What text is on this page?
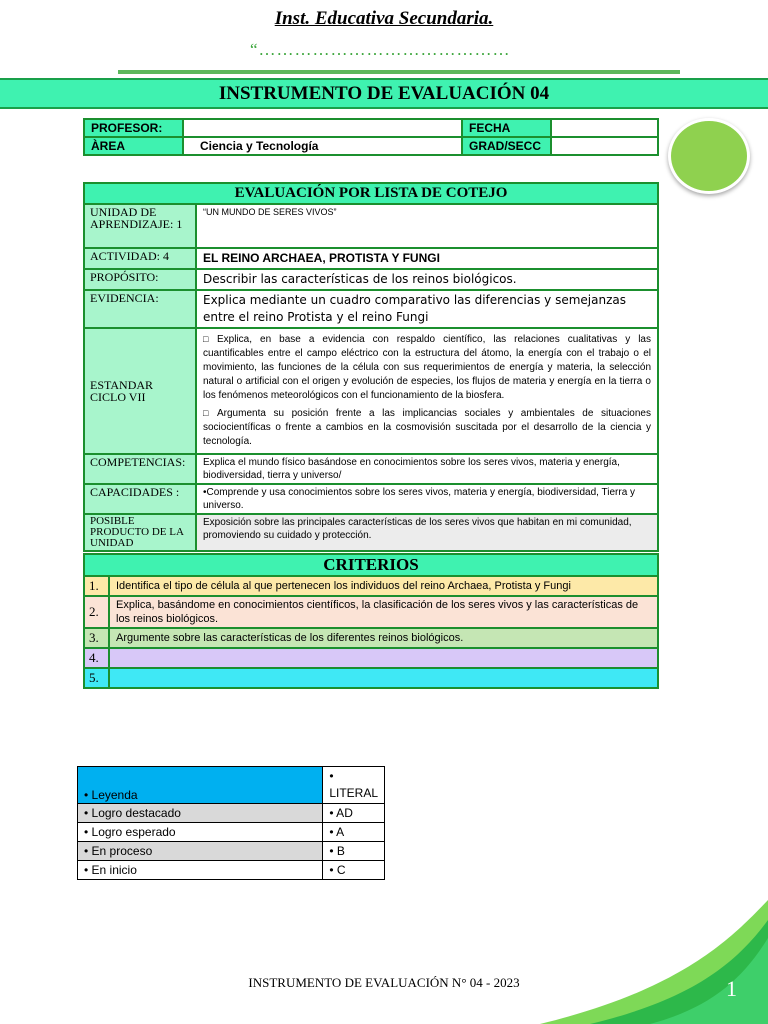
Inst. Educativa Secundaria.
“……………………………………
INSTRUMENTO DE EVALUACIÓN 04
PROFESOR:		FECHA	
ÀREA	Ciencia y Tecnología	GRAD/SECC	
EVALUACIÓN POR LISTA DE COTEJO	
UNIDAD DE APRENDIZAJE: 1	“UN MUNDO DE SERES VIVOS”
ACTIVIDAD: 4	EL REINO ARCHAEA, PROTISTA Y FUNGI
PROPÓSITO:	Describir las características de los reinos biológicos.
EVIDENCIA:	Explica mediante un cuadro comparativo las diferencias y semejanzas entre el reino Protista y el reino Fungi
ESTANDAR CICLO VII	□ Explica, en base a evidencia con respaldo científico, las relaciones cualitativas y las cuantificables entre el campo eléctrico con la estructura del átomo, la energía con el trabajo o el movimiento, las funciones de la célula con sus requerimientos de energía y materia, la selección natural o artificial con el origen y evolución de especies, los flujos de materia y energía en la tierra o los fenómenos meteorológicos con el funcionamiento de la biosfera.
□ Argumenta su posición frente a las implicancias sociales y ambientales de situaciones sociocientíficas o frente a cambios en la cosmovisión suscitada por el desarrollo de la ciencia y tecnología.

COMPETENCIAS:	Explica el mundo físico basándose en conocimientos sobre los seres vivos, materia y energía, biodiversidad, tierra y universo/
CAPACIDADES :	•Comprende y usa conocimientos sobre los seres vivos, materia y energía, biodiversidad, Tierra y universo.
POSIBLE PRODUCTO DE LA UNIDAD	Exposición sobre las principales características de los seres vivos que habitan en mi comunidad, promoviendo su cuidado y protección.
CRITERIOS	
1.	Identifica el tipo de célula al que pertenecen los individuos del reino Archaea, Protista y Fungi
2.	Explica, basándome en conocimientos científicos, la clasificación de los seres vivos y las características de los reinos biológicos.
3.	Argumente sobre las características de los diferentes reinos biológicos.
4.	
5.	
• Leyenda	• LITERAL
• Logro destacado	• AD
• Logro esperado	• A
• En proceso	• B
• En inicio	• C
INSTRUMENTO DE EVALUACIÓN N° 04 - 2023	1
